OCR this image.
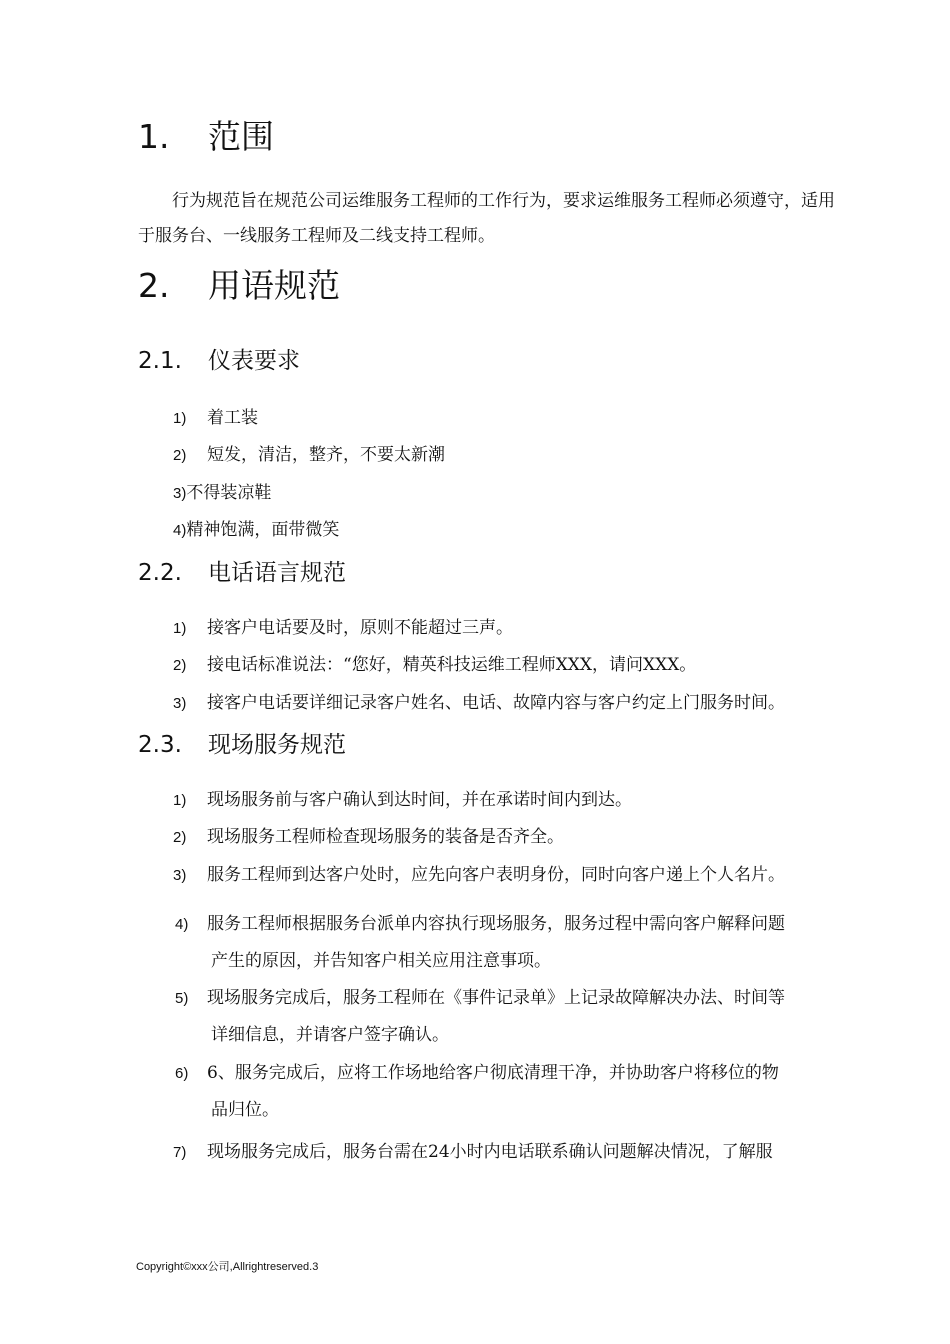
1. 范围
行为规范旨在规范公司运维服务工程师的工作行为，要求运维服务工程师必须遵守，适用于服务台、一线服务工程师及二线支持工程师。
2. 用语规范
2.1. 仪表要求
1) 着工装
2) 短发，清洁，整齐，不要太新潮
3)不得装凉鞋
4)精神饱满，面带微笑
2.2. 电话语言规范
1) 接客户电话要及时，原则不能超过三声。
2) 接电话标准说法：“您好，精英科技运维工程师XXX，请问XXX。
3) 接客户电话要详细记录客户姓名、电话、故障内容与客户约定上门服务时间。
2.3. 现场服务规范
1) 现场服务前与客户确认到达时间，并在承诺时间内到达。
2) 现场服务工程师检查现场服务的装备是否齐全。
3) 服务工程师到达客户处时，应先向客户表明身份，同时向客户递上个人名片。
4) 服务工程师根据服务台派单内容执行现场服务，服务过程中需向客户解释问题
产生的原因，并告知客户相关应用注意事项。
5) 现场服务完成后，服务工程师在《事件记录单》上记录故障解决办法、时间等
详细信息，并请客户签字确认。
6) 6、服务完成后，应将工作场地给客户彻底清理干净，并协助客户将移位的物
品归位。
7) 现场服务完成后，服务台需在24小时内电话联系确认问题解决情况，了解服
Copyright©xxx公司,Allrightreserved.3
